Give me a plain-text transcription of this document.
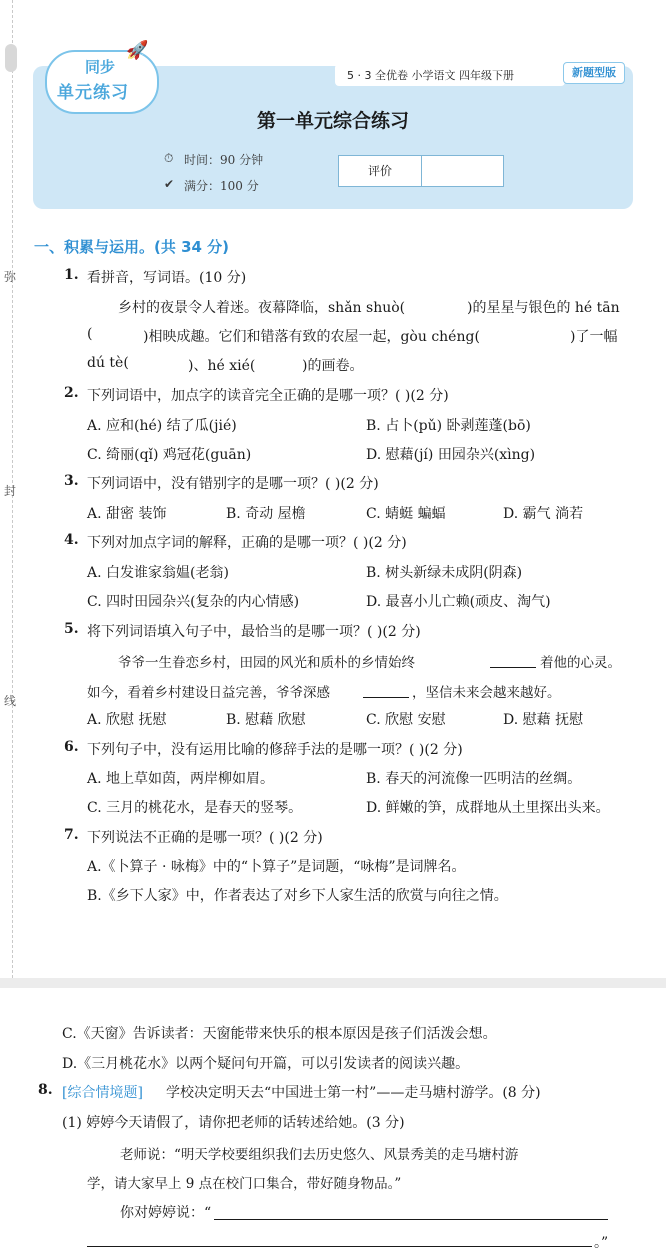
弥
封
线
同步
单元练习
🚀
5 · 3 全优卷 小学语文 四年级下册	新题型版
第一单元综合练习
⏱ 时间：90 分钟
✔ 满分：100 分
评价
一、积累与运用。(共 34 分)
1. 看拼音，写词语。(10 分)
乡村的夜景令人着迷。夜幕降临，shǎn shuò(	)的星星与银色的 hé tān
(	)相映成趣。它们和错落有致的农屋一起，gòu chéng(	)了一幅
dú tè(	)、hé xié(	)的画卷。
2. 下列词语中，加点字的读音完全正确的是哪一项？( )(2 分)
A. 应和(hé) 结了瓜(jié)	B. 占卜(pǔ) 卧剥莲蓬(bō)
C. 绮丽(qǐ) 鸡冠花(guān)	D. 慰藉(jí) 田园杂兴(xìng)
3. 下列词语中，没有错别字的是哪一项？( )(2 分)
A. 甜密 装饰	B. 奇动 屋檐	C. 蜻蜓 蝙蝠	D. 霸气 淌若
4. 下列对加点字词的解释，正确的是哪一项？( )(2 分)
A. 白发谁家翁媪(老翁)	B. 树头新绿未成阴(阴森)
C. 四时田园杂兴(复杂的内心情感)	D. 最喜小儿亡赖(顽皮、淘气)
5. 将下列词语填入句子中，最恰当的是哪一项？( )(2 分)
爷爷一生眷恋乡村，田园的风光和质朴的乡情始终	着他的心灵。
如今，看着乡村建设日益完善，爷爷深感	，坚信未来会越来越好。
A. 欣慰 抚慰	B. 慰藉 欣慰	C. 欣慰 安慰	D. 慰藉 抚慰
6. 下列句子中，没有运用比喻的修辞手法的是哪一项？( )(2 分)
A. 地上草如茵，两岸柳如眉。	B. 春天的河流像一匹明洁的丝绸。
C. 三月的桃花水，是春天的竖琴。	D. 鲜嫩的笋，成群地从土里探出头来。
7. 下列说法不正确的是哪一项？( )(2 分)
A.《卜算子 · 咏梅》中的“卜算子”是词题，“咏梅”是词牌名。
B.《乡下人家》中，作者表达了对乡下人家生活的欣赏与向往之情。
C.《天窗》告诉读者：天窗能带来快乐的根本原因是孩子们活泼会想。
D.《三月桃花水》以两个疑问句开篇，可以引发读者的阅读兴趣。
8. [综合情境题] 学校决定明天去“中国进士第一村”——走马塘村游学。(8 分)
(1) 婷婷今天请假了，请你把老师的话转述给她。(3 分)
老师说：“明天学校要组织我们去历史悠久、风景秀美的走马塘村游
学，请大家早上 9 点在校门口集合，带好随身物品。”
你对婷婷说：“
。”
